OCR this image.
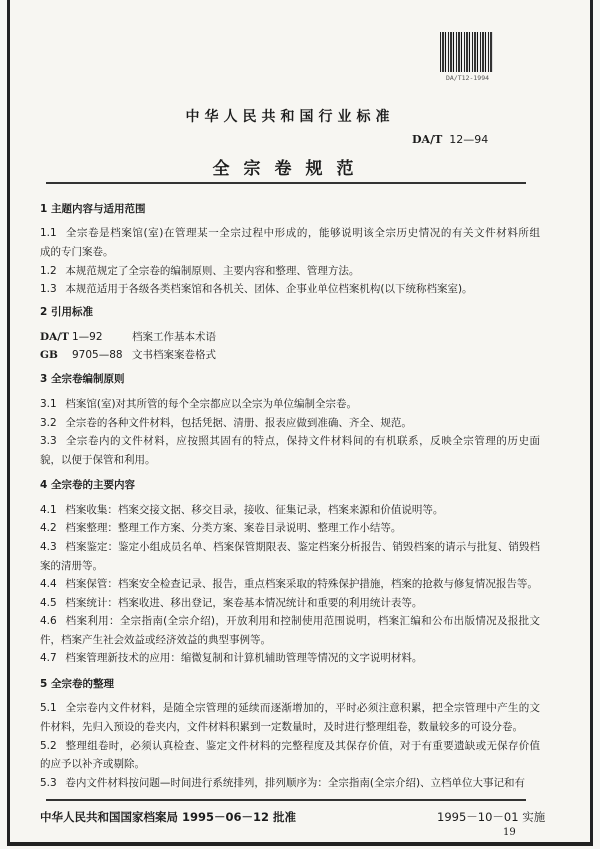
DA/T12-1994
中华人民共和国行业标准
DA/T 12—94
全宗卷规范
1 主题内容与适用范围
1.1 全宗卷是档案馆(室)在管理某一全宗过程中形成的，能够说明该全宗历史情况的有关文件材料所组
成的专门案卷。
1.2 本规范规定了全宗卷的编制原则、主要内容和整理、管理方法。
1.3 本规范适用于各级各类档案馆和各机关、团体、企事业单位档案机构(以下统称档案室)。
2 引用标准
DA/T 1—92	档案工作基本术语
GB 9705—88 文书档案案卷格式
3 全宗卷编制原则
3.1 档案馆(室)对其所管的每个全宗都应以全宗为单位编制全宗卷。
3.2 全宗卷的各种文件材料，包括凭据、清册、报表应做到准确、齐全、规范。
3.3 全宗卷内的文件材料，应按照其固有的特点，保持文件材料间的有机联系，反映全宗管理的历史面
貌，以便于保管和利用。
4 全宗卷的主要内容
4.1 档案收集：档案交接文据、移交目录，接收、征集记录，档案来源和价值说明等。
4.2 档案整理：整理工作方案、分类方案、案卷目录说明、整理工作小结等。
4.3 档案鉴定：鉴定小组成员名单、档案保管期限表、鉴定档案分析报告、销毁档案的请示与批复、销毁档
案的清册等。
4.4 档案保管：档案安全检查记录、报告，重点档案采取的特殊保护措施，档案的抢救与修复情况报告等。
4.5 档案统计：档案收进、移出登记，案卷基本情况统计和重要的利用统计表等。
4.6 档案利用：全宗指南(全宗介绍)，开放利用和控制使用范围说明，档案汇编和公布出版情况及报批文
件，档案产生社会效益或经济效益的典型事例等。
4.7 档案管理新技术的应用：缩微复制和计算机辅助管理等情况的文字说明材料。
5 全宗卷的整理
5.1 全宗卷内文件材料，是随全宗管理的延续而逐渐增加的，平时必须注意积累，把全宗管理中产生的文
件材料，先归入预设的卷夹内，文件材料积累到一定数量时，及时进行整理组卷，数量较多的可设分卷。
5.2 整理组卷时，必须认真检查、鉴定文件材料的完整程度及其保存价值，对于有重要遗缺或无保存价值
的应予以补齐或剔除。
5.3 卷内文件材料按问题—时间进行系统排列，排列顺序为：全宗指南(全宗介绍)、立档单位大事记和有
中华人民共和国国家档案局 1995－06－12 批准	1995－10－01 实施
19
